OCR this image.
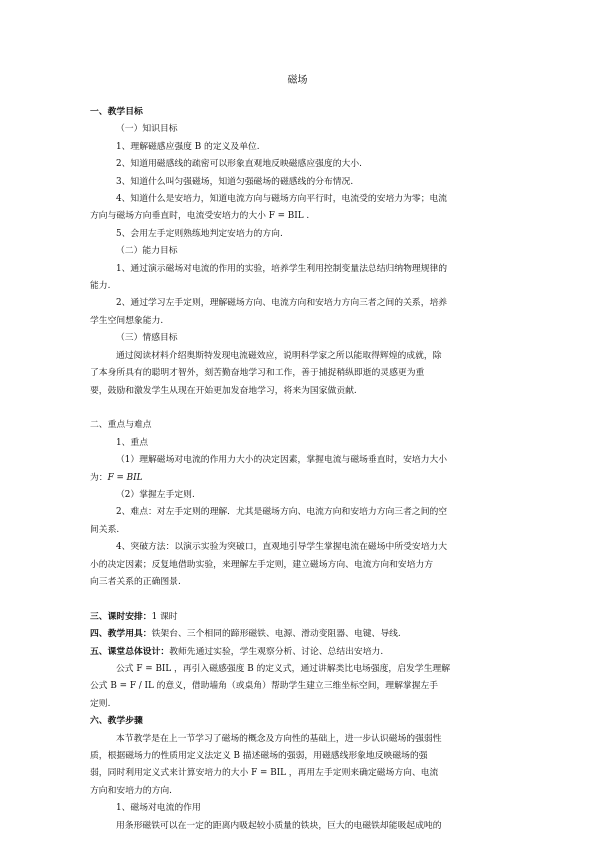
磁场

一、教学目标

（一）知识目标

1、理解磁感应强度 B 的定义及单位.

2、知道用磁感线的疏密可以形象直观地反映磁感应强度的大小.

3、知道什么叫匀强磁场，知道匀强磁场的磁感线的分布情况.

4、知道什么是安培力，知道电流方向与磁场方向平行时，电流受的安培力为零；电流

方向与磁场方向垂直时，电流受安培力的大小 F = BIL .

5、会用左手定则熟练地判定安培力的方向.

（二）能力目标

1、通过演示磁场对电流的作用的实验，培养学生利用控制变量法总结归纳物理规律的

能力.

2、通过学习左手定则，理解磁场方向、电流方向和安培力方向三者之间的关系，培养

学生空间想象能力.

（三）情感目标

通过阅读材料介绍奥斯特发现电流磁效应，说明科学家之所以能取得辉煌的成就，除

了本身所具有的聪明才智外，刻苦勤奋地学习和工作，善于捕捉稍纵即逝的灵感更为重

要，鼓励和激发学生从现在开始更加发奋地学习，将来为国家做贡献.

二、重点与难点

1、重点

（1）理解磁场对电流的作用力大小的决定因素，掌握电流与磁场垂直时，安培力大小

为：F = BIL

（2）掌握左手定则.

2、难点：对左手定则的理解．尤其是磁场方向、电流方向和安培力方向三者之间的空

间关系.

4、突破方法：以演示实验为突破口，直观地引导学生掌握电流在磁场中所受安培力大

小的决定因素；反复地借助实验，来理解左手定则，建立磁场方向、电流方向和安培力方

向三者关系的正确图景.

三、课时安排：1 课时

四、教学用具：铁架台、三个相同的蹄形磁铁、电源、滑动变阻器、电键、导线.

五、课堂总体设计：教师先通过实验，学生观察分析、讨论、总结出安培力.

公式 F = BIL ，再引入磁感强度 B 的定义式，通过讲解类比电场强度，启发学生理解

公式 B = F / IL 的意义，借助墙角（或桌角）帮助学生建立三维坐标空间，理解掌握左手

定则.

六、教学步骤

本节教学是在上一节学习了磁场的概念及方向性的基础上，进一步认识磁场的强弱性

质，根据磁场力的性质用定义法定义 B 描述磁场的强弱，用磁感线形象地反映磁场的强

弱，同时利用定义式来计算安培力的大小 F = BIL ，再用左手定则来确定磁场方向、电流

方向和安培力的方向.

1、磁场对电流的作用

用条形磁铁可以在一定的距离内吸起较小质量的铁块，巨大的电磁铁却能吸起成吨的
